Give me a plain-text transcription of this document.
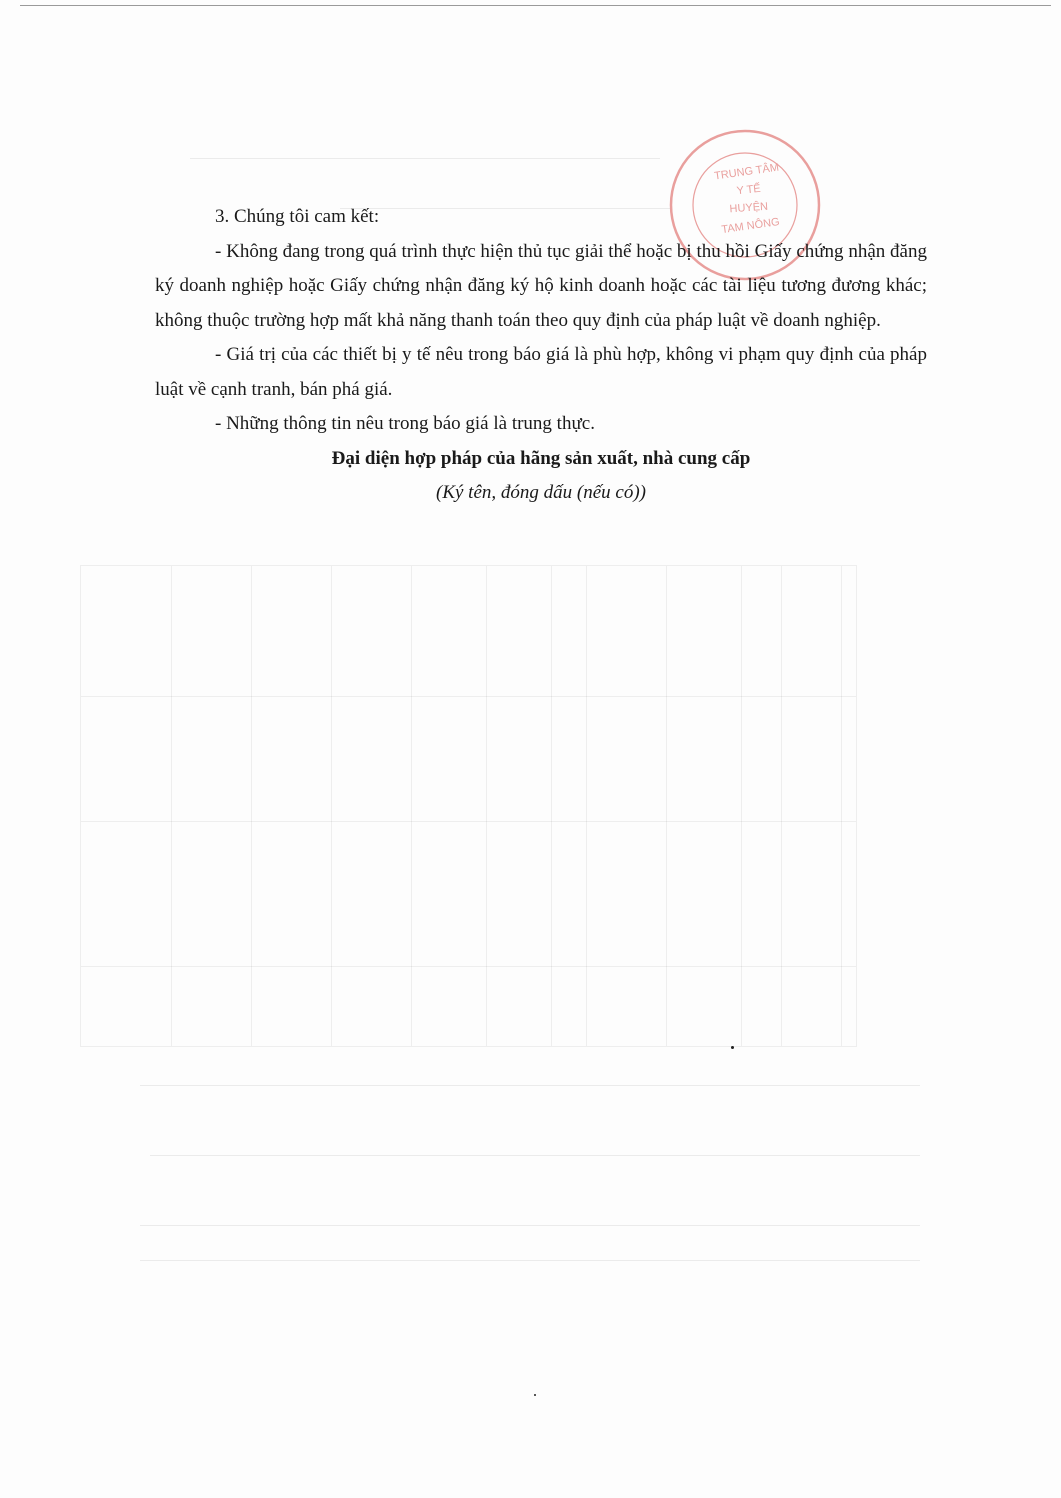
TRUNG TÂM
Y TẾ
HUYỆN
TAM NÔNG

3. Chúng tôi cam kết:

- Không đang trong quá trình thực hiện thủ tục giải thể hoặc bị thu hồi Giấy chứng nhận đăng ký doanh nghiệp hoặc Giấy chứng nhận đăng ký hộ kinh doanh hoặc các tài liệu tương đương khác; không thuộc trường hợp mất khả năng thanh toán theo quy định của pháp luật về doanh nghiệp.

- Giá trị của các thiết bị y tế nêu trong báo giá là phù hợp, không vi phạm quy định của pháp luật về cạnh tranh, bán phá giá.

- Những thông tin nêu trong báo giá là trung thực.

Đại diện hợp pháp của hãng sản xuất, nhà cung cấp

(Ký tên, đóng dấu (nếu có))
